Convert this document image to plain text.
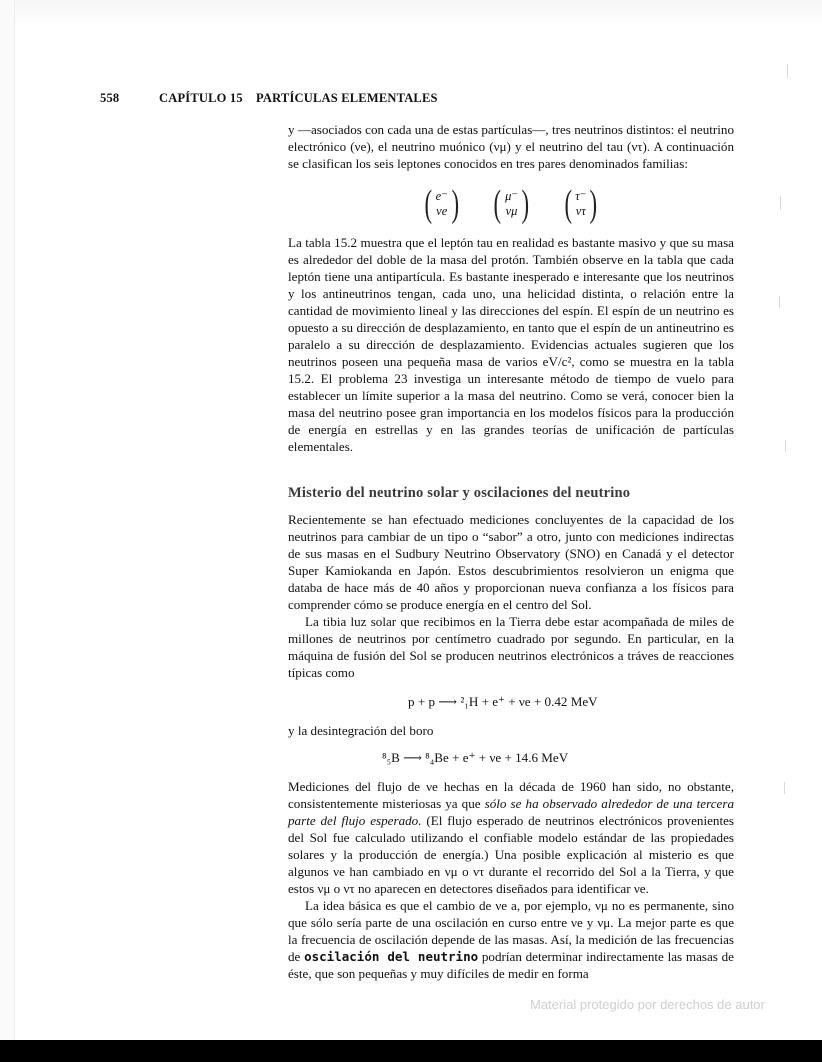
558	CAPÍTULO 15 PARTÍCULAS ELEMENTALES

y —asociados con cada una de estas partículas—, tres neutrinos distintos: el neutrino electrónico (νe), el neutrino muónico (νμ) y el neutrino del tau (ντ). A continuación se clasifican los seis leptones conocidos en tres pares denominados familias:

( e⁻
νe ) ( μ⁻
νμ ) ( τ⁻
ντ )

La tabla 15.2 muestra que el leptón tau en realidad es bastante masivo y que su masa es alrededor del doble de la masa del protón. También observe en la tabla que cada leptón tiene una antipartícula. Es bastante inesperado e interesante que los neutrinos y los antineutrinos tengan, cada uno, una helicidad distinta, o relación entre la cantidad de movimiento lineal y las direcciones del espín. El espín de un neutrino es opuesto a su dirección de desplazamiento, en tanto que el espín de un antineutrino es paralelo a su dirección de desplazamiento. Evidencias actuales sugieren que los neutrinos poseen una pequeña masa de varios eV/c², como se muestra en la tabla 15.2. El problema 23 investiga un interesante método de tiempo de vuelo para establecer un límite superior a la masa del neutrino. Como se verá, conocer bien la masa del neutrino posee gran importancia en los modelos físicos para la producción de energía en estrellas y en las grandes teorías de unificación de partículas elementales.

Misterio del neutrino solar y oscilaciones del neutrino

Recientemente se han efectuado mediciones concluyentes de la capacidad de los neutrinos para cambiar de un tipo o “sabor” a otro, junto con mediciones indirectas de sus masas en el Sudbury Neutrino Observatory (SNO) en Canadá y el detector Super Kamiokanda en Japón. Estos descubrimientos resolvieron un enigma que databa de hace más de 40 años y proporcionan nueva confianza a los físicos para comprender cómo se produce energía en el centro del Sol.

La tibia luz solar que recibimos en la Tierra debe estar acompañada de miles de millones de neutrinos por centímetro cuadrado por segundo. En particular, en la máquina de fusión del Sol se producen neutrinos electrónicos a tráves de reacciones típicas como

p + p ⟶ ²₁H + e⁺ + νe + 0.42 MeV

y la desintegración del boro

⁸₅B ⟶ ⁸₄Be + e⁺ + νe + 14.6 MeV

Mediciones del flujo de νe hechas en la década de 1960 han sido, no obstante, consistentemente misteriosas ya que sólo se ha observado alrededor de una tercera parte del flujo esperado. (El flujo esperado de neutrinos electrónicos provenientes del Sol fue calculado utilizando el confiable modelo estándar de las propiedades solares y la producción de energía.) Una posible explicación al misterio es que algunos νe han cambiado en νμ o ντ durante el recorrido del Sol a la Tierra, y que estos νμ o ντ no aparecen en detectores diseñados para identificar νe.

La idea básica es que el cambio de νe a, por ejemplo, νμ no es permanente, sino que sólo sería parte de una oscilación en curso entre νe y νμ. La mejor parte es que la frecuencia de oscilación depende de las masas. Así, la medición de las frecuencias de oscilación del neutrino podrían determinar indirectamente las masas de éste, que son pequeñas y muy difíciles de medir en forma

Material protegido por derechos de autor
